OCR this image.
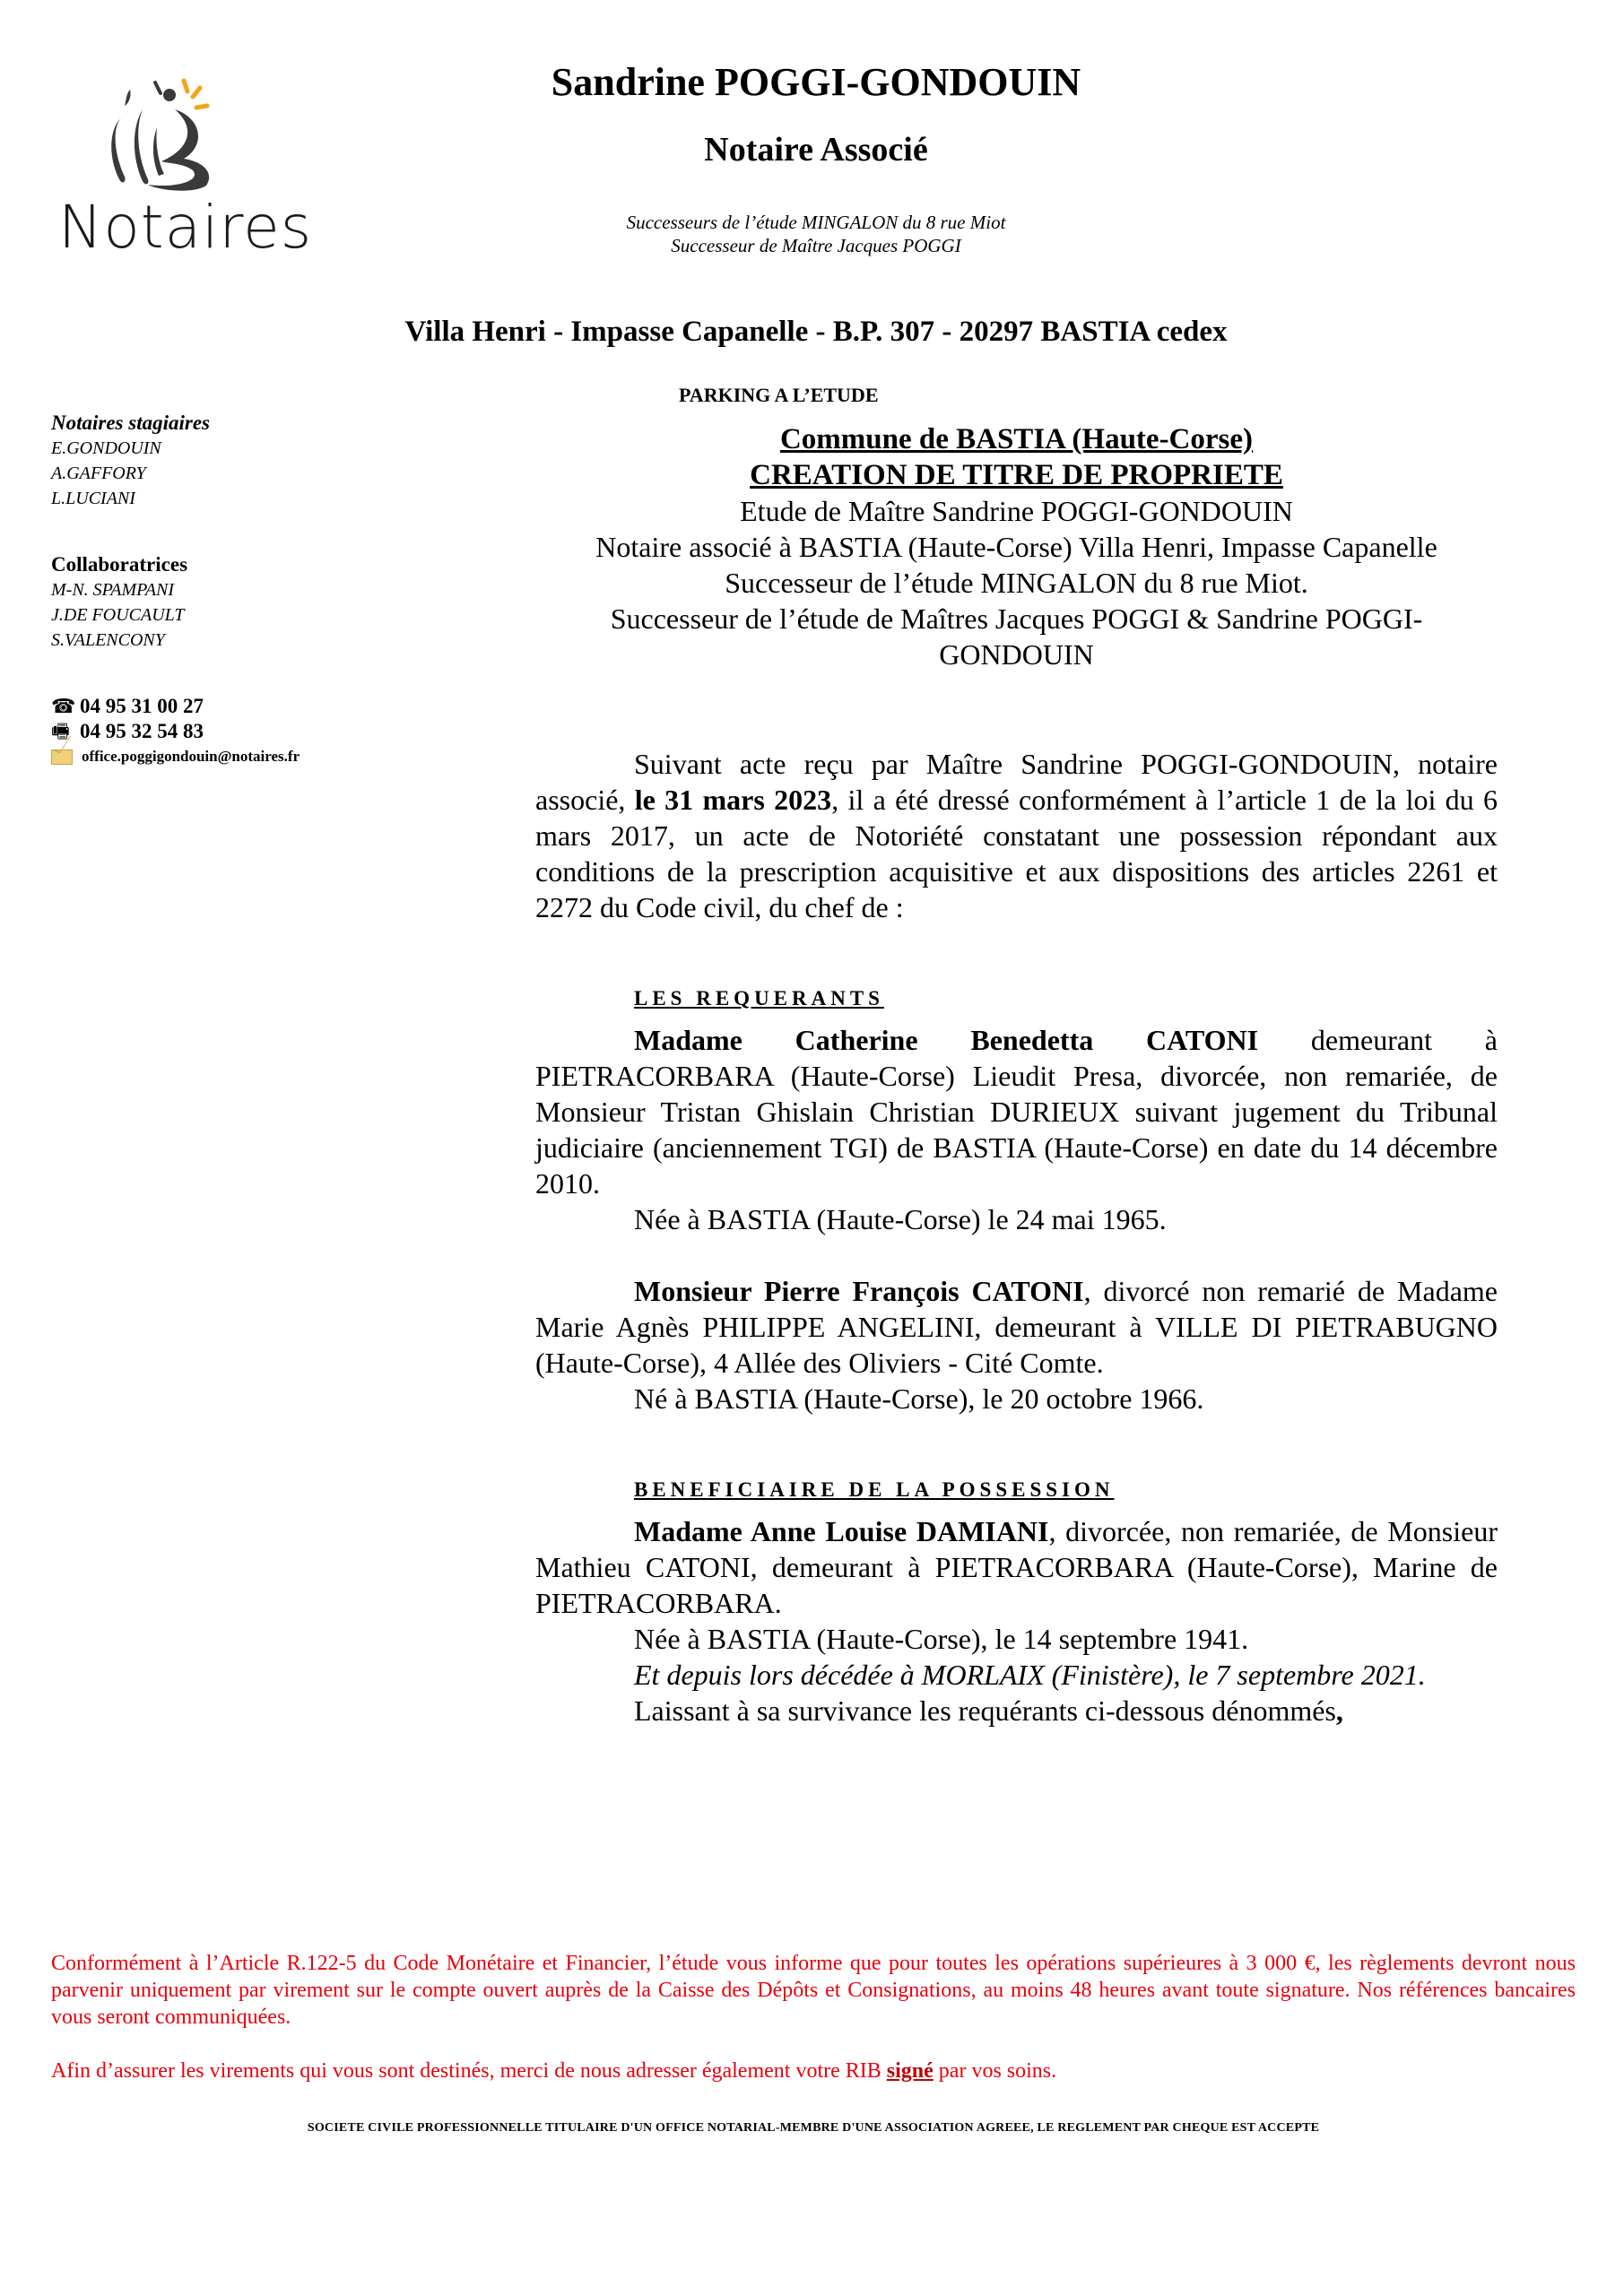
Notaires
Sandrine POGGI-GONDOUIN
Notaire Associé
Successeurs de l’étude MINGALON du 8 rue Miot
Successeur de Maître Jacques POGGI
Villa Henri - Impasse Capanelle - B.P. 307 - 20297 BASTIA cedex
PARKING A L’ETUDE

Notaires stagiaires

E.GONDOUIN

A.GAFFORY

L.LUCIANI

Collaboratrices

M-N. SPAMPANI

J.DE FOUCAULT

S.VALENCONY

☎ 04 95 31 00 27
🖷 04 95 32 54 83
office.poggigondouin@notaires.fr

Commune de BASTIA (Haute-Corse)

CREATION DE TITRE DE PROPRIETE

Etude de Maître Sandrine POGGI-GONDOUIN

Notaire associé à BASTIA (Haute-Corse) Villa Henri, Impasse Capanelle

Successeur de l’étude MINGALON du 8 rue Miot.

Successeur de l’étude de Maîtres Jacques POGGI & Sandrine POGGI-GONDOUIN

Suivant acte reçu par Maître Sandrine POGGI-GONDOUIN, notaire associé, le 31 mars 2023, il a été dressé conformément à l’article 1 de la loi du 6 mars 2017, un acte de Notoriété constatant une possession répondant aux conditions de la prescription acquisitive et aux dispositions des articles 2261 et 2272 du Code civil, du chef de :

LES REQUERANTS

Madame Catherine Benedetta CATONI demeurant à PIETRACORBARA (Haute-Corse) Lieudit Presa, divorcée, non remariée, de Monsieur Tristan Ghislain Christian DURIEUX suivant jugement du Tribunal judiciaire (anciennement TGI) de BASTIA (Haute-Corse) en date du 14 décembre 2010.

Née à BASTIA (Haute-Corse) le 24 mai 1965.

Monsieur Pierre François CATONI, divorcé non remarié de Madame Marie Agnès PHILIPPE ANGELINI, demeurant à VILLE DI PIETRABUGNO (Haute-Corse), 4 Allée des Oliviers - Cité Comte.

Né à BASTIA (Haute-Corse), le 20 octobre 1966.

BENEFICIAIRE DE LA POSSESSION

Madame Anne Louise DAMIANI, divorcée, non remariée, de Monsieur Mathieu CATONI, demeurant à PIETRACORBARA (Haute-Corse), Marine de PIETRACORBARA.

Née à BASTIA (Haute-Corse), le 14 septembre 1941.

Et depuis lors décédée à MORLAIX (Finistère), le 7 septembre 2021.

Laissant à sa survivance les requérants ci-dessous dénommés,

Conformément à l’Article R.122-5 du Code Monétaire et Financier, l’étude vous informe que pour toutes les opérations supérieures à 3 000 €, les règlements devront nous parvenir uniquement par virement sur le compte ouvert auprès de la Caisse des Dépôts et Consignations, au moins 48 heures avant toute signature. Nos références bancaires vous seront communiquées.

Afin d’assurer les virements qui vous sont destinés, merci de nous adresser également votre RIB signé par vos soins.

SOCIETE CIVILE PROFESSIONNELLE TITULAIRE D'UN OFFICE NOTARIAL-MEMBRE D'UNE ASSOCIATION AGREEE, LE REGLEMENT PAR CHEQUE EST ACCEPTE
